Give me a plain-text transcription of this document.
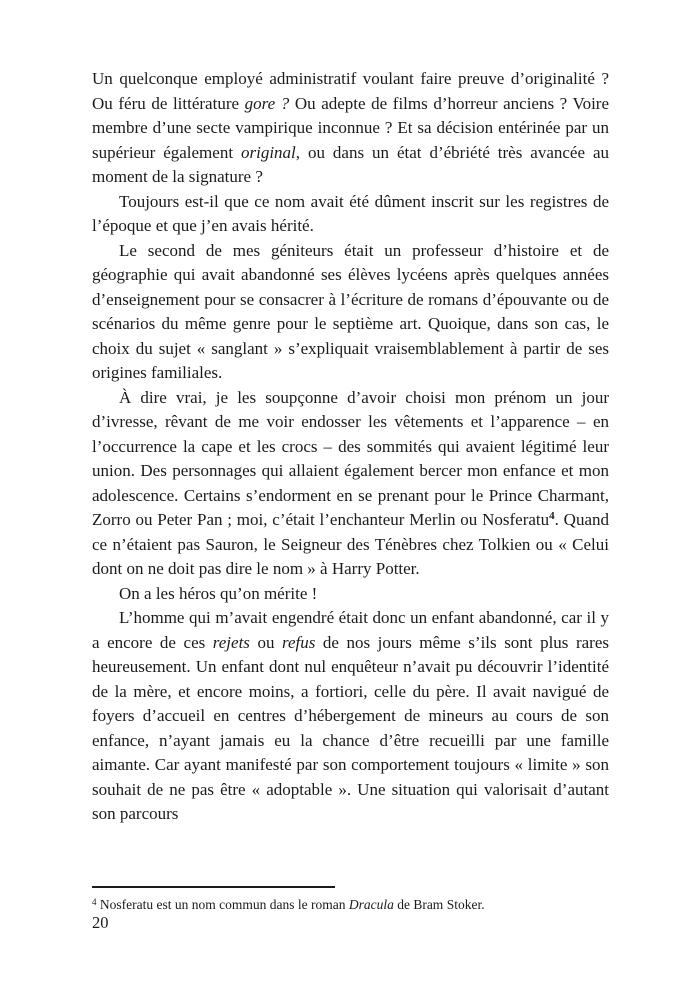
Un quelconque employé administratif voulant faire preuve d’originalité ? Ou féru de littérature gore ? Ou adepte de films d’horreur anciens ? Voire membre d’une secte vampirique inconnue ? Et sa décision entérinée par un supérieur également original, ou dans un état d’ébriété très avancée au moment de la signature ?

Toujours est-il que ce nom avait été dûment inscrit sur les registres de l’époque et que j’en avais hérité.

Le second de mes géniteurs était un professeur d’histoire et de géographie qui avait abandonné ses élèves lycéens après quelques années d’enseignement pour se consacrer à l’écriture de romans d’épouvante ou de scénarios du même genre pour le septième art. Quoique, dans son cas, le choix du sujet « sanglant » s’expliquait vraisemblablement à partir de ses origines familiales.

À dire vrai, je les soupçonne d’avoir choisi mon prénom un jour d’ivresse, rêvant de me voir endosser les vêtements et l’apparence – en l’occurrence la cape et les crocs – des sommités qui avaient légitimé leur union. Des personnages qui allaient également bercer mon enfance et mon adolescence. Certains s’endorment en se prenant pour le Prince Charmant, Zorro ou Peter Pan ; moi, c’était l’enchanteur Merlin ou Nosferatu$^4$. Quand ce n’étaient pas Sauron, le Seigneur des Ténèbres chez Tolkien ou « Celui dont on ne doit pas dire le nom » à Harry Potter.

On a les héros qu’on mérite !

L’homme qui m’avait engendré était donc un enfant abandonné, car il y a encore de ces rejets ou refus de nos jours même s’ils sont plus rares heureusement. Un enfant dont nul enquêteur n’avait pu découvrir l’identité de la mère, et encore moins, a fortiori, celle du père. Il avait navigué de foyers d’accueil en centres d’hébergement de mineurs au cours de son enfance, n’ayant jamais eu la chance d’être recueilli par une famille aimante. Car ayant manifesté par son comportement toujours « limite » son souhait de ne pas être « adoptable ». Une situation qui valorisait d’autant son parcours

$^4$ Nosferatu est un nom commun dans le roman Dracula de Bram Stoker.
20
